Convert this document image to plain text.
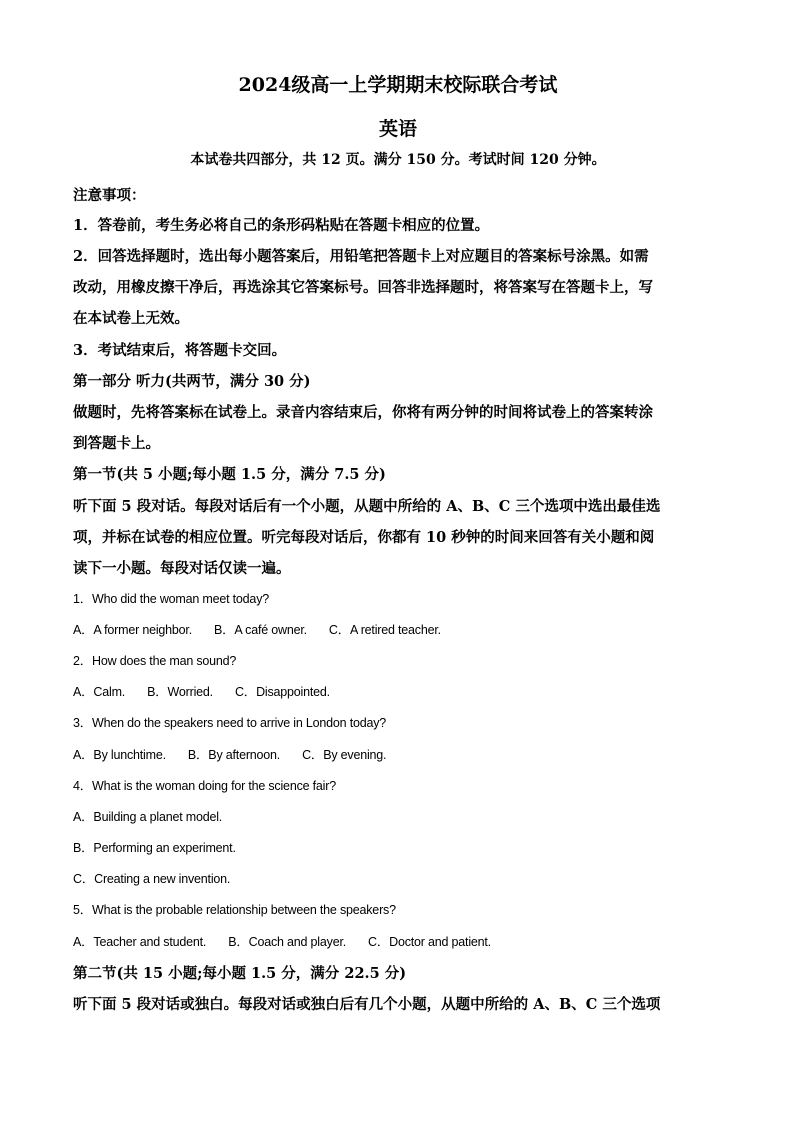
2024级高一上学期期末校际联合考试
英语
本试卷共四部分，共 12 页。满分 150 分。考试时间 120 分钟。
注意事项：
1．答卷前，考生务必将自己的条形码粘贴在答题卡相应的位置。
2．回答选择题时，选出每小题答案后，用铅笔把答题卡上对应题目的答案标号涂黑。如需
改动，用橡皮擦干净后，再选涂其它答案标号。回答非选择题时，将答案写在答题卡上，写
在本试卷上无效。
3．考试结束后，将答题卡交回。
第一部分 听力(共两节，满分 30 分)
做题时，先将答案标在试卷上。录音内容结束后，你将有两分钟的时间将试卷上的答案转涂
到答题卡上。
第一节(共 5 小题;每小题 1.5 分，满分 7.5 分)
听下面 5 段对话。每段对话后有一个小题，从题中所给的 A、B、C 三个选项中选出最佳选
项，并标在试卷的相应位置。听完每段对话后，你都有 10 秒钟的时间来回答有关小题和阅
读下一小题。每段对话仅读一遍。
1．Who did the woman meet today?
A．A former neighbor. B．A café owner. C．A retired teacher.
2．How does the man sound?
A．Calm. B．Worried. C．Disappointed.
3．When do the speakers need to arrive in London today?
A．By lunchtime. B．By afternoon. C．By evening.
4．What is the woman doing for the science fair?
A．Building a planet model.
B．Performing an experiment.
C．Creating a new invention.
5．What is the probable relationship between the speakers?
A．Teacher and student. B．Coach and player. C．Doctor and patient.
第二节(共 15 小题;每小题 1.5 分，满分 22.5 分)
听下面 5 段对话或独白。每段对话或独白后有几个小题，从题中所给的 A、B、C 三个选项
